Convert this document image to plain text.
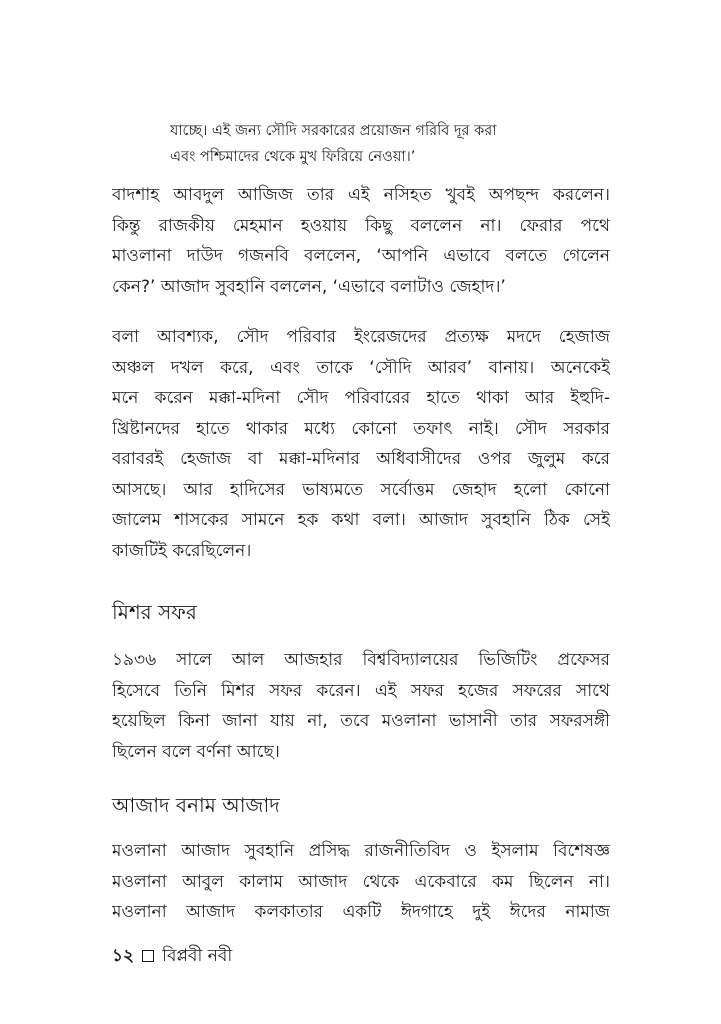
যাচ্ছে। এই জন্য সৌদি সরকারের প্রয়োজন গরিবি দূর করা

এবং পশ্চিমাদের থেকে মুখ ফিরিয়ে নেওয়া।’

বাদশাহ আবদুল আজিজ তার এই নসিহত খুবই অপছন্দ করলেন।

কিন্তু রাজকীয় মেহমান হওয়ায় কিছু বললেন না। ফেরার পথে

মাওলানা দাউদ গজনবি বললেন, ‘আপনি এভাবে বলতে গেলেন

কেন?’ আজাদ সুবহানি বললেন, ‘এভাবে বলাটাও জেহাদ।’

বলা আবশ্যক, সৌদ পরিবার ইংরেজদের প্রত্যক্ষ মদদে হেজাজ

অঞ্চল দখল করে, এবং তাকে ‘সৌদি আরব’ বানায়। অনেকেই

মনে করেন মক্কা-মদিনা সৌদ পরিবারের হাতে থাকা আর ইহুদি-

খ্রিষ্টানদের হাতে থাকার মধ্যে কোনো তফাৎ নাই। সৌদ সরকার

বরাবরই হেজাজ বা মক্কা-মদিনার অধিবাসীদের ওপর জুলুম করে

আসছে। আর হাদিসের ভাষ্যমতে সর্বোত্তম জেহাদ হলো কোনো

জালেম শাসকের সামনে হক কথা বলা। আজাদ সুবহানি ঠিক সেই

কাজটিই করেছিলেন।

মিশর সফর

১৯৩৬ সালে আল আজহার বিশ্ববিদ্যালয়ের ভিজিটিং প্রফেসর

হিসেবে তিনি মিশর সফর করেন। এই সফর হজের সফরের সাথে

হয়েছিল কিনা জানা যায় না, তবে মওলানা ভাসানী তার সফরসঙ্গী

ছিলেন বলে বর্ণনা আছে।

আজাদ বনাম আজাদ

মওলানা আজাদ সুবহানি প্রসিদ্ধ রাজনীতিবিদ ও ইসলাম বিশেষজ্ঞ

মওলানা আবুল কালাম আজাদ থেকে একেবারে কম ছিলেন না।

মওলানা আজাদ কলকাতার একটি ঈদগাহে দুই ঈদের নামাজ

১২ বিপ্লবী নবী
